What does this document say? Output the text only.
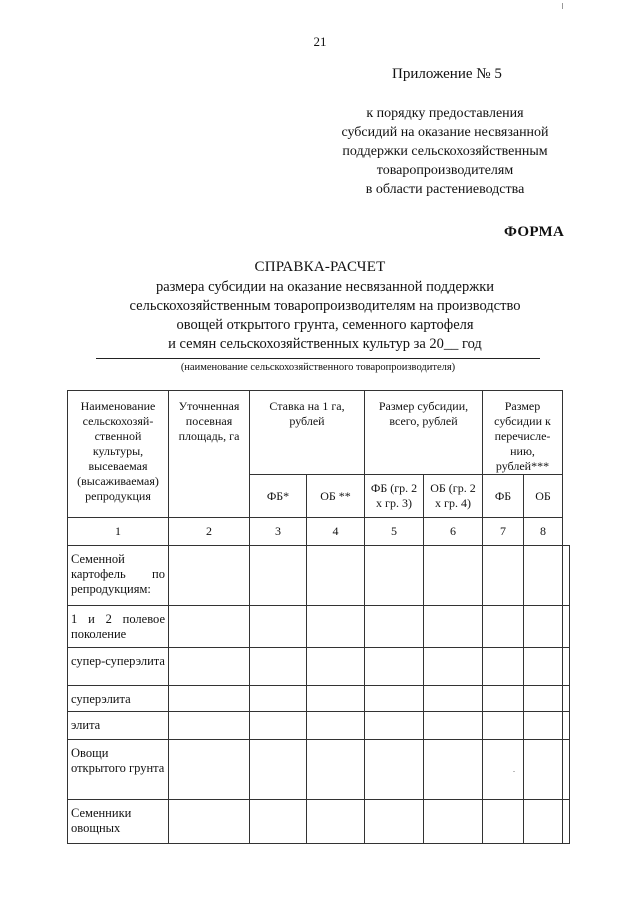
21
Приложение № 5
к порядку предоставления
субсидий на оказание несвязанной
поддержки сельскохозяйственным
товаропроизводителям
в области растениеводства
ФОРМА
СПРАВКА-РАСЧЕТ
размера субсидии на оказание несвязанной поддержки
сельскохозяйственным товаропроизводителям на производство
овощей открытого грунта, семенного картофеля
и семян сельскохозяйственных культур за 20__ год
(наименование сельскохозяйственного товаропроизводителя)
Наименование сельскохозяй-ственной культуры, высеваемая (высаживаемая) репродукция	Уточненная посевная площадь, га	Ставка на 1 га, рублей		Размер субсидии, всего, рублей		Размер субсидии к перечисле-нию, рублей***		
		ФБ*	ОБ **	ФБ (гр. 2 х гр. 3)	ОБ (гр. 2 х гр. 4)	ФБ	ОБ	
1	2	3	4	5	6	7	8	
Семенной картофель по репродукциям:								
1 и 2 полевое поколение								
супер-суперэлита								
суперэлита								
элита								
Овощи открытого грунта								
Семенники овощных								
